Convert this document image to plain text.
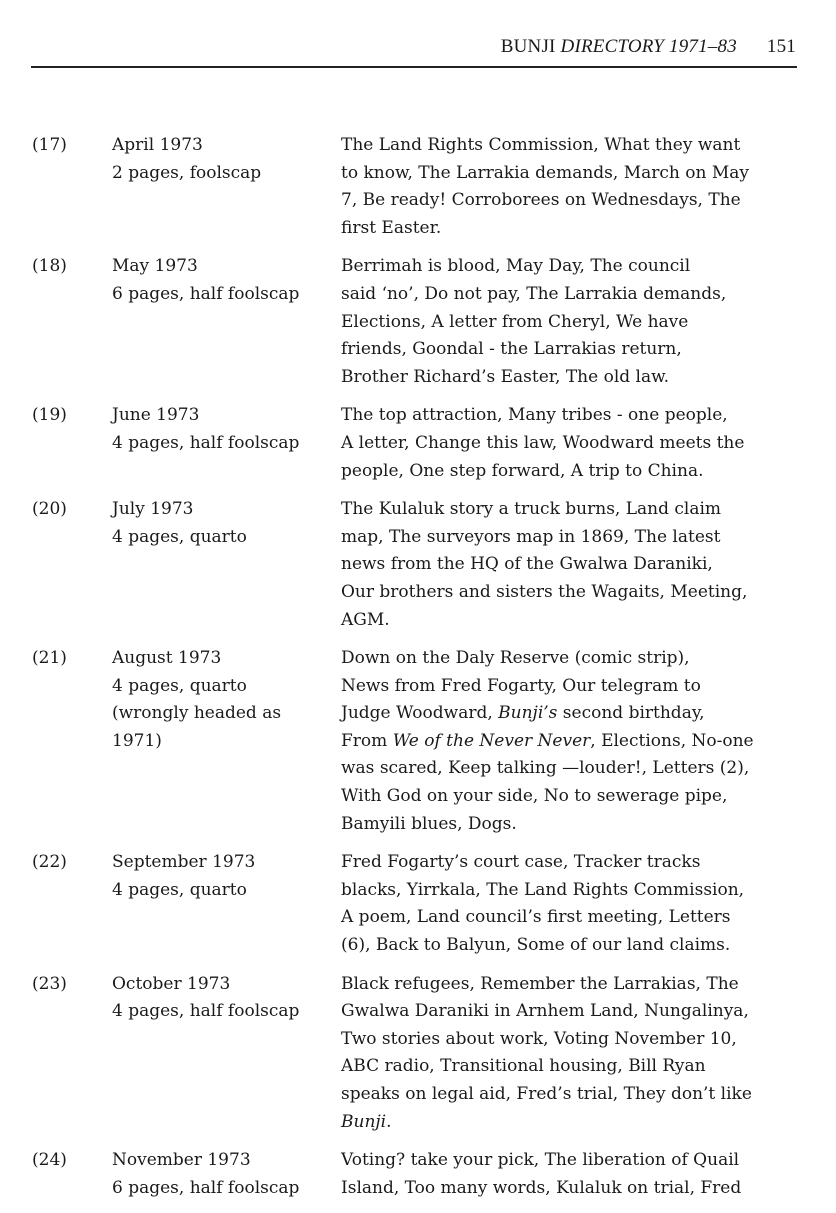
BUNJI DIRECTORY 1971–83 151
(17)	April 1973
2 pages, foolscap
The Land Rights Commission, What they want
to know, The Larrakia demands, March on May
7, Be ready! Corroborees on Wednesdays, The
first Easter.
(18)	May 1973
6 pages, half foolscap
Berrimah is blood, May Day, The council
said ‘no’, Do not pay, The Larrakia demands,
Elections, A letter from Cheryl, We have
friends, Goondal - the Larrakias return,
Brother Richard’s Easter, The old law.
(19)	June 1973
4 pages, half foolscap
The top attraction, Many tribes - one people,
A letter, Change this law, Woodward meets the
people, One step forward, A trip to China.
(20)	July 1973
4 pages, quarto
The Kulaluk story a truck burns, Land claim
map, The surveyors map in 1869, The latest
news from the HQ of the Gwalwa Daraniki,
Our brothers and sisters the Wagaits, Meeting,
AGM.
(21)	August 1973
4 pages, quarto
(wrongly headed as
1971)
Down on the Daly Reserve (comic strip),
News from Fred Fogarty, Our telegram to
Judge Woodward, Bunji’s second birthday,
From We of the Never Never, Elections, No-one
was scared, Keep talking —louder!, Letters (2),
With God on your side, No to sewerage pipe,
Bamyili blues, Dogs.
(22)	September 1973
4 pages, quarto
Fred Fogarty’s court case, Tracker tracks
blacks, Yirrkala, The Land Rights Commission,
A poem, Land council’s first meeting, Letters
(6), Back to Balyun, Some of our land claims.
(23)	October 1973
4 pages, half foolscap
Black refugees, Remember the Larrakias, The
Gwalwa Daraniki in Arnhem Land, Nungalinya,
Two stories about work, Voting November 10,
ABC radio, Transitional housing, Bill Ryan
speaks on legal aid, Fred’s trial, They don’t like
Bunji.
(24)	November 1973
6 pages, half foolscap
Voting? take your pick, The liberation of Quail
Island, Too many words, Kulaluk on trial, Fred
